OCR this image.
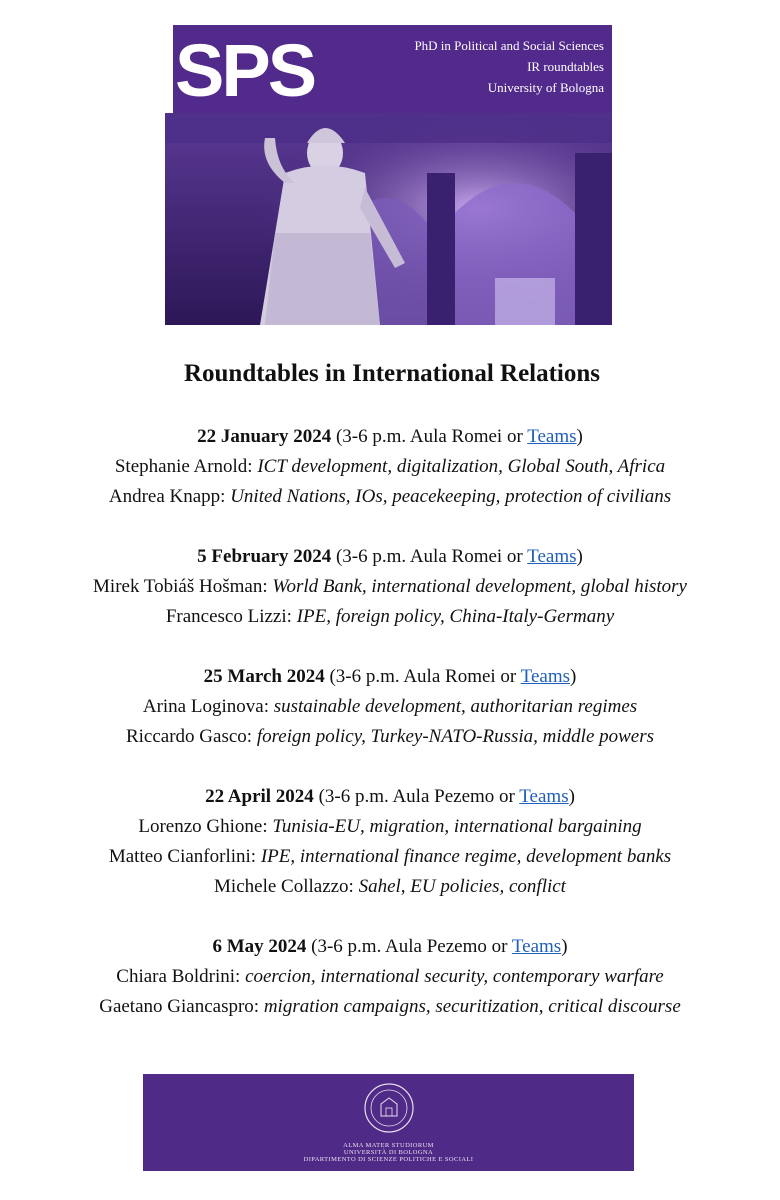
SPS	PhD in Political and Social Sciences
IR roundtables
University of Bologna
Roundtables in International Relations
22 January 2024 (3-6 p.m. Aula Romei or Teams)
Stephanie Arnold: ICT development, digitalization, Global South, Africa
Andrea Knapp: United Nations, IOs, peacekeeping, protection of civilians
5 February 2024 (3-6 p.m. Aula Romei or Teams)
Mirek Tobiáš Hošman: World Bank, international development, global history
Francesco Lizzi: IPE, foreign policy, China-Italy-Germany
25 March 2024 (3-6 p.m. Aula Romei or Teams)
Arina Loginova: sustainable development, authoritarian regimes
Riccardo Gasco: foreign policy, Turkey-NATO-Russia, middle powers
22 April 2024 (3-6 p.m. Aula Pezemo or Teams)
Lorenzo Ghione: Tunisia-EU, migration, international bargaining
Matteo Cianforlini: IPE, international finance regime, development banks
Michele Collazzo: Sahel, EU policies, conflict
6 May 2024 (3-6 p.m. Aula Pezemo or Teams)
Chiara Boldrini: coercion, international security, contemporary warfare
Gaetano Giancaspro: migration campaigns, securitization, critical discourse
ALMA MATER STUDIORUM
UNIVERSITÀ DI BOLOGNA
DIPARTIMENTO DI SCIENZE POLITICHE E SOCIALI
